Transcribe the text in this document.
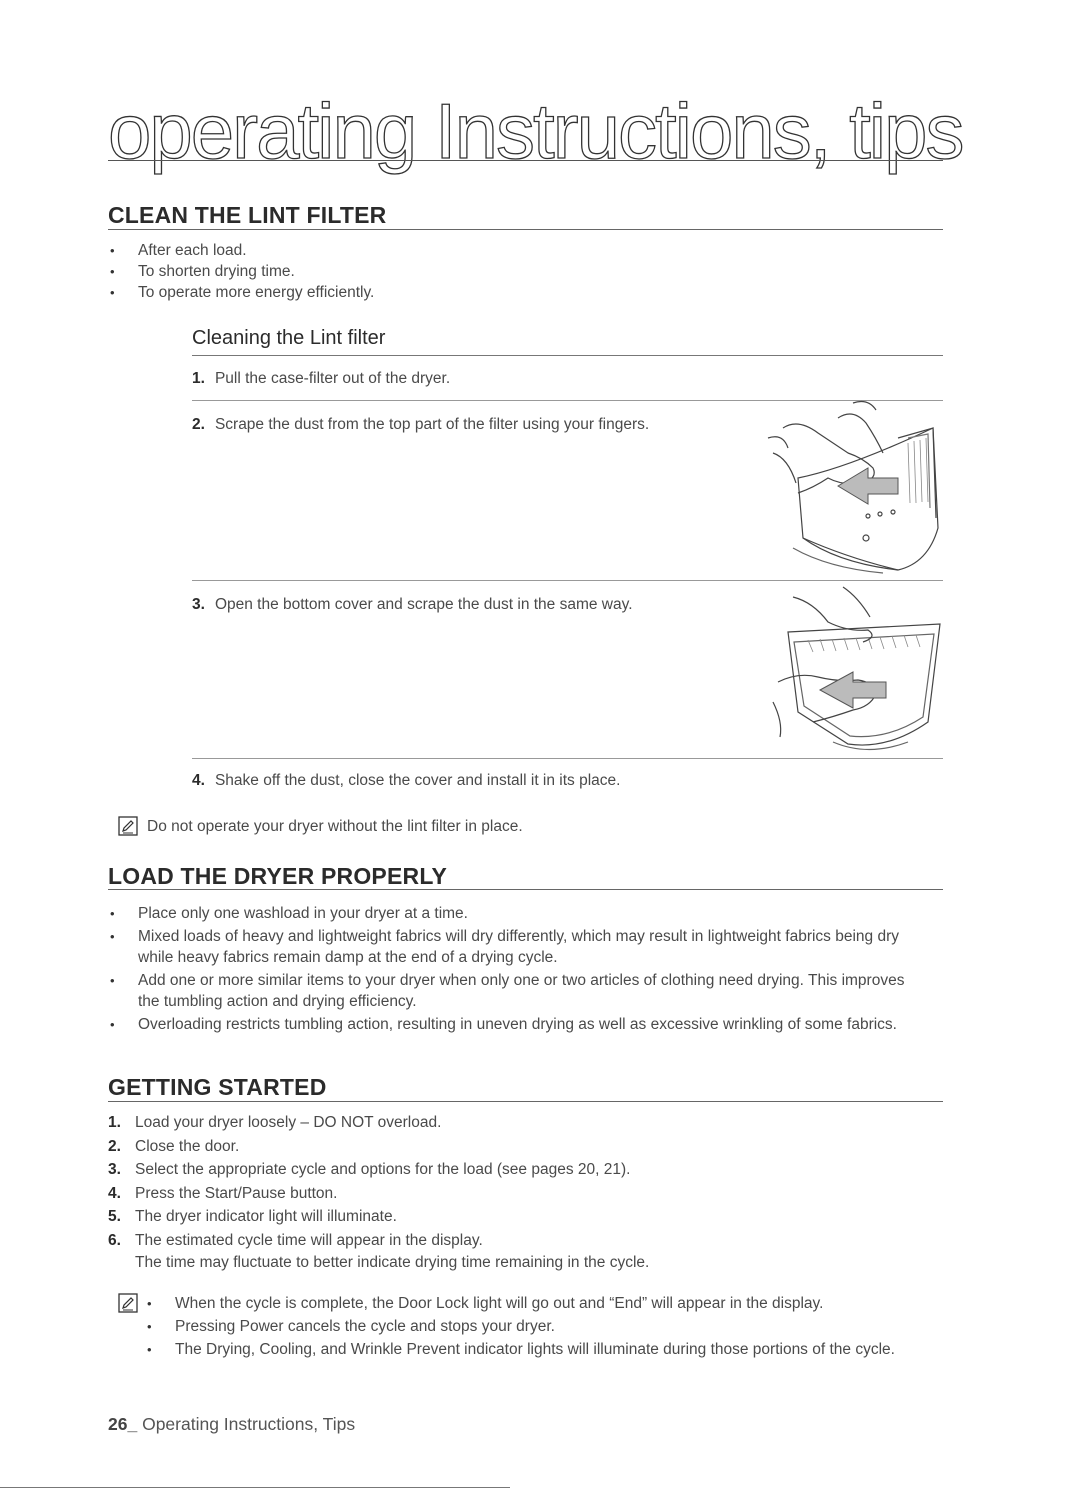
operating Instructions, tips
CLEAN THE LINT FILTER
• After each load.
• To shorten drying time.
• To operate more energy efficiently.
Cleaning the Lint filter
1. Pull the case-filter out of the dryer.
2. Scrape the dust from the top part of the filter using your fingers.
3. Open the bottom cover and scrape the dust in the same way.
4. Shake off the dust, close the cover and install it in its place.
Do not operate your dryer without the lint filter in place.
LOAD THE DRYER PROPERLY
• Place only one washload in your dryer at a time.
• Mixed loads of heavy and lightweight fabrics will dry differently, which may result in lightweight fabrics being dry while heavy fabrics remain damp at the end of a drying cycle.
• Add one or more similar items to your dryer when only one or two articles of clothing need drying. This improves the tumbling action and drying efficiency.
• Overloading restricts tumbling action, resulting in uneven drying as well as excessive wrinkling of some fabrics.
GETTING STARTED
1. Load your dryer loosely – DO NOT overload.
2. Close the door.
3. Select the appropriate cycle and options for the load (see pages 20, 21).
4. Press the Start/Pause button.
5. The dryer indicator light will illuminate.
6. The estimated cycle time will appear in the display.
The time may fluctuate to better indicate drying time remaining in the cycle.
• When the cycle is complete, the Door Lock light will go out and “End” will appear in the display.
• Pressing Power cancels the cycle and stops your dryer.
• The Drying, Cooling, and Wrinkle Prevent indicator lights will illuminate during those portions of the cycle.
26_ Operating Instructions, Tips
